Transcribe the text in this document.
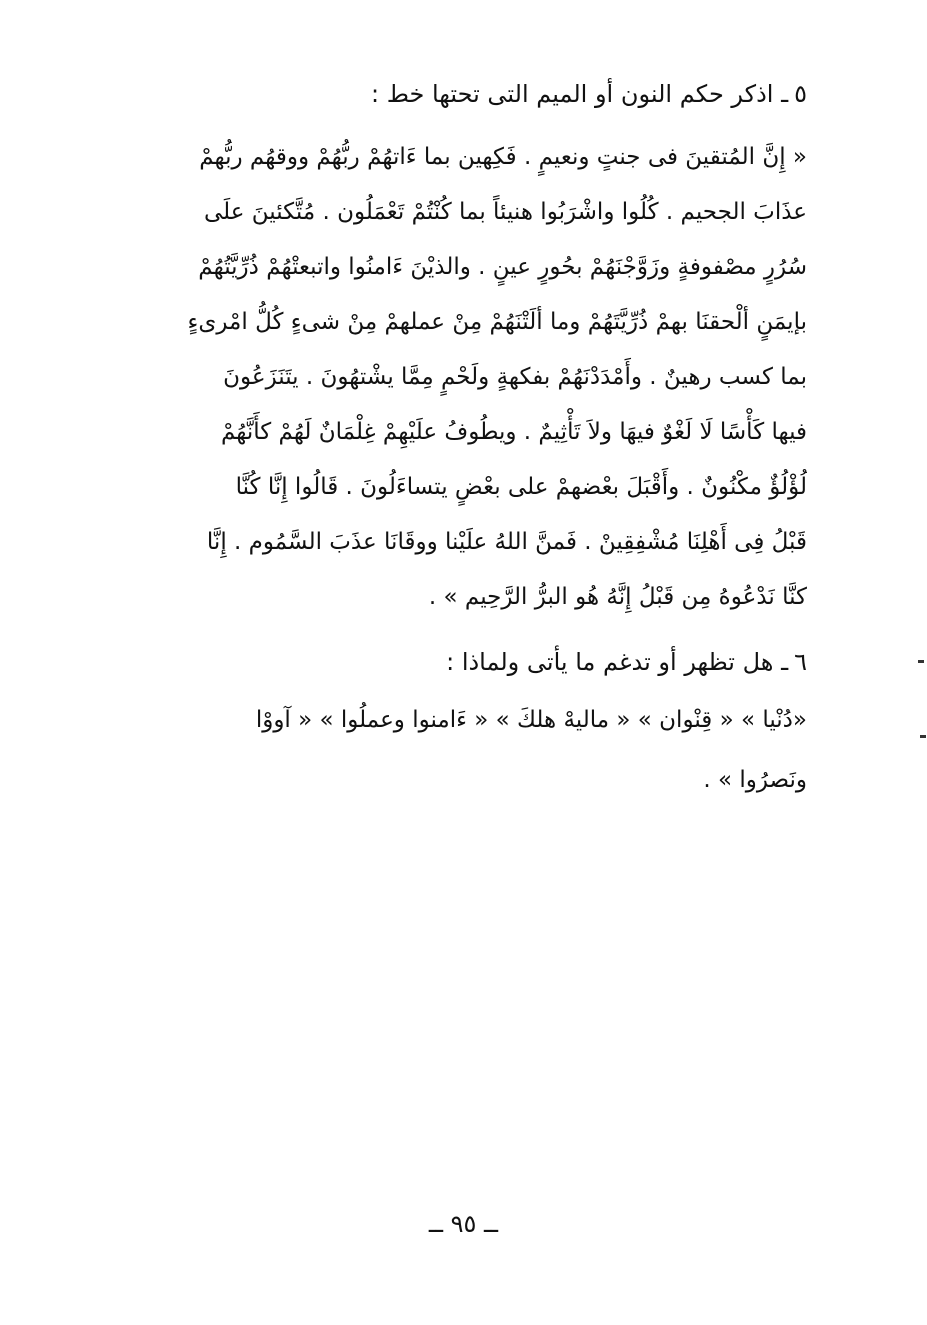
٥ـ اذكر حكم النون أو الميم التى تحتها خط :
« إِنَّ المُتقينَ فى جنتٍ ونعيمٍ . فَكِهين بما ءَاتهُمْ ربُّهُمْ ووقهُم ربُّهمْ
عذَابَ الجحيم . كُلُوا واشْرَبُوا هنيئاً بما كُنْتُمْ تَعْمَلُون . مُتَّكئينَ علَى
سُرُرٍ مصْفوفةٍ وزَوَّجْنَهُمْ بحُورٍ عينٍ . والذيْنَ ءَامنُوا واتبعتْهُمْ ذُرِّيَّتُهُمْ
بإيمَنٍ ألْحقنَا بهمْ ذُرِّيَّتَهُمْ وما ألَتْنَهُمْ مِنْ عملهمْ مِنْ شىءٍ كُلُّ امْرىءٍ
بما كسب رهينٌ . وأَمْدَدْنَهُمْ بفكهةٍ ولَحْمٍ مِمَّا يشْتهُونَ . يتَنَزَعُونَ
فيها كَأْسًا لَا لَغْوٌ فيهَا ولاَ تَأْثِيمٌ . ويطُوفُ علَيْهِمْ غِلْمَانٌ لَهُمْ كأَنَّهُمْ
لُؤْلُؤٌ مكْنُونٌ . وأَقْبَلَ بعْضهمْ على بعْضٍ يتساءَلُونَ . قَالُوا إِنَّا كُنَّا
قَبْلُ فِى أَهْلِنَا مُشْفِقِينْ . فَمنَّ اللهُ علَيْنا ووقَانَا عذَبَ السَّمُوم . إِنَّا
كنَّا نَدْعُوهُ مِن قَبْلُ إِنَّهُ هُو البرُّ الرَّحِيم » .
٦ـ هل تظهر أو تدغم ما يأتى ولماذا :
«دُنْيا » « قِنْوان » « ماليهْ هلكَ » « ءَامنوا وعملُوا » « آووْا
ونَصرُوا » .
ــ ٩٥ ــ
